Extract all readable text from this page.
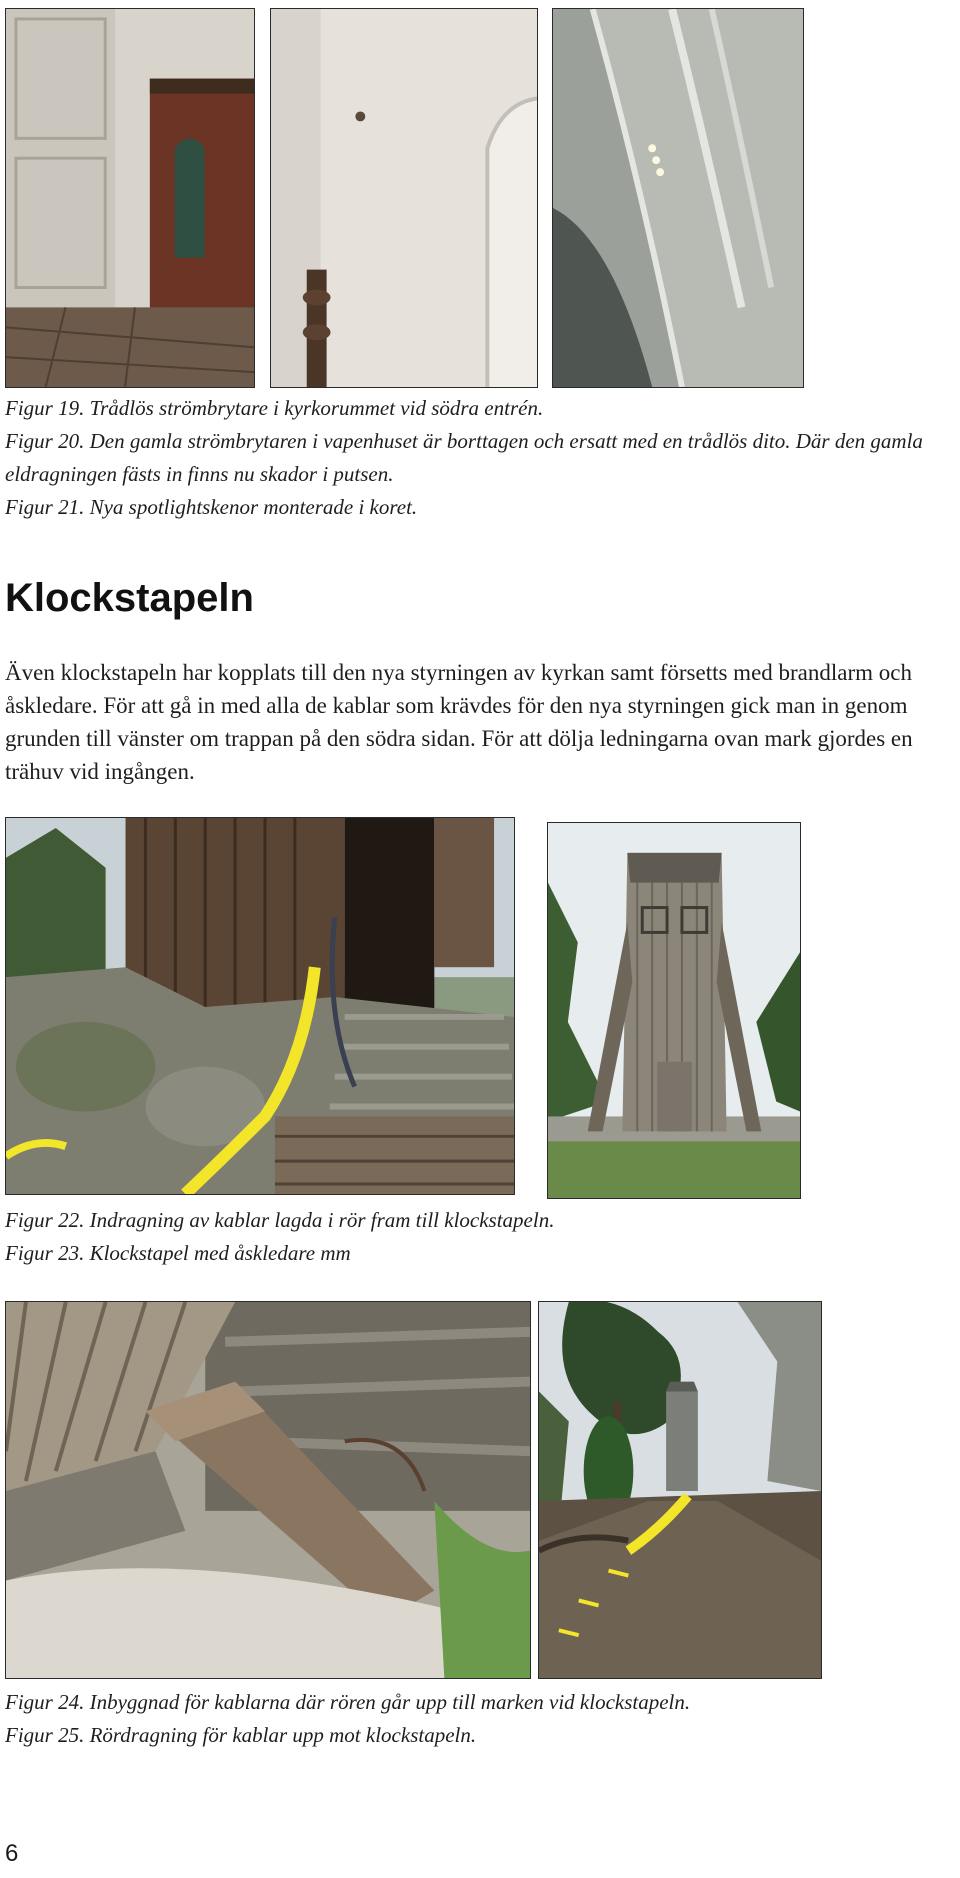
Figur 19. Trådlös strömbrytare i kyrkorummet vid södra entrén.

Figur 20. Den gamla strömbrytaren i vapenhuset är borttagen och ersatt med en trådlös dito. Där den gamla eldragningen fästs in finns nu skador i putsen.

Figur 21. Nya spotlightskenor monterade i koret.

Klockstapeln

Även klockstapeln har kopplats till den nya styrningen av kyrkan samt försetts med brandlarm och åskledare. För att gå in med alla de kablar som krävdes för den nya styrningen gick man in genom grunden till vänster om trappan på den södra sidan. För att dölja ledningarna ovan mark gjordes en trähuv vid ingången.

Figur 22. Indragning av kablar lagda i rör fram till klockstapeln.

Figur 23. Klockstapel med åskledare mm

Figur 24. Inbyggnad för kablarna där rören går upp till marken vid klockstapeln.

Figur 25. Rördragning för kablar upp mot klockstapeln.

6
